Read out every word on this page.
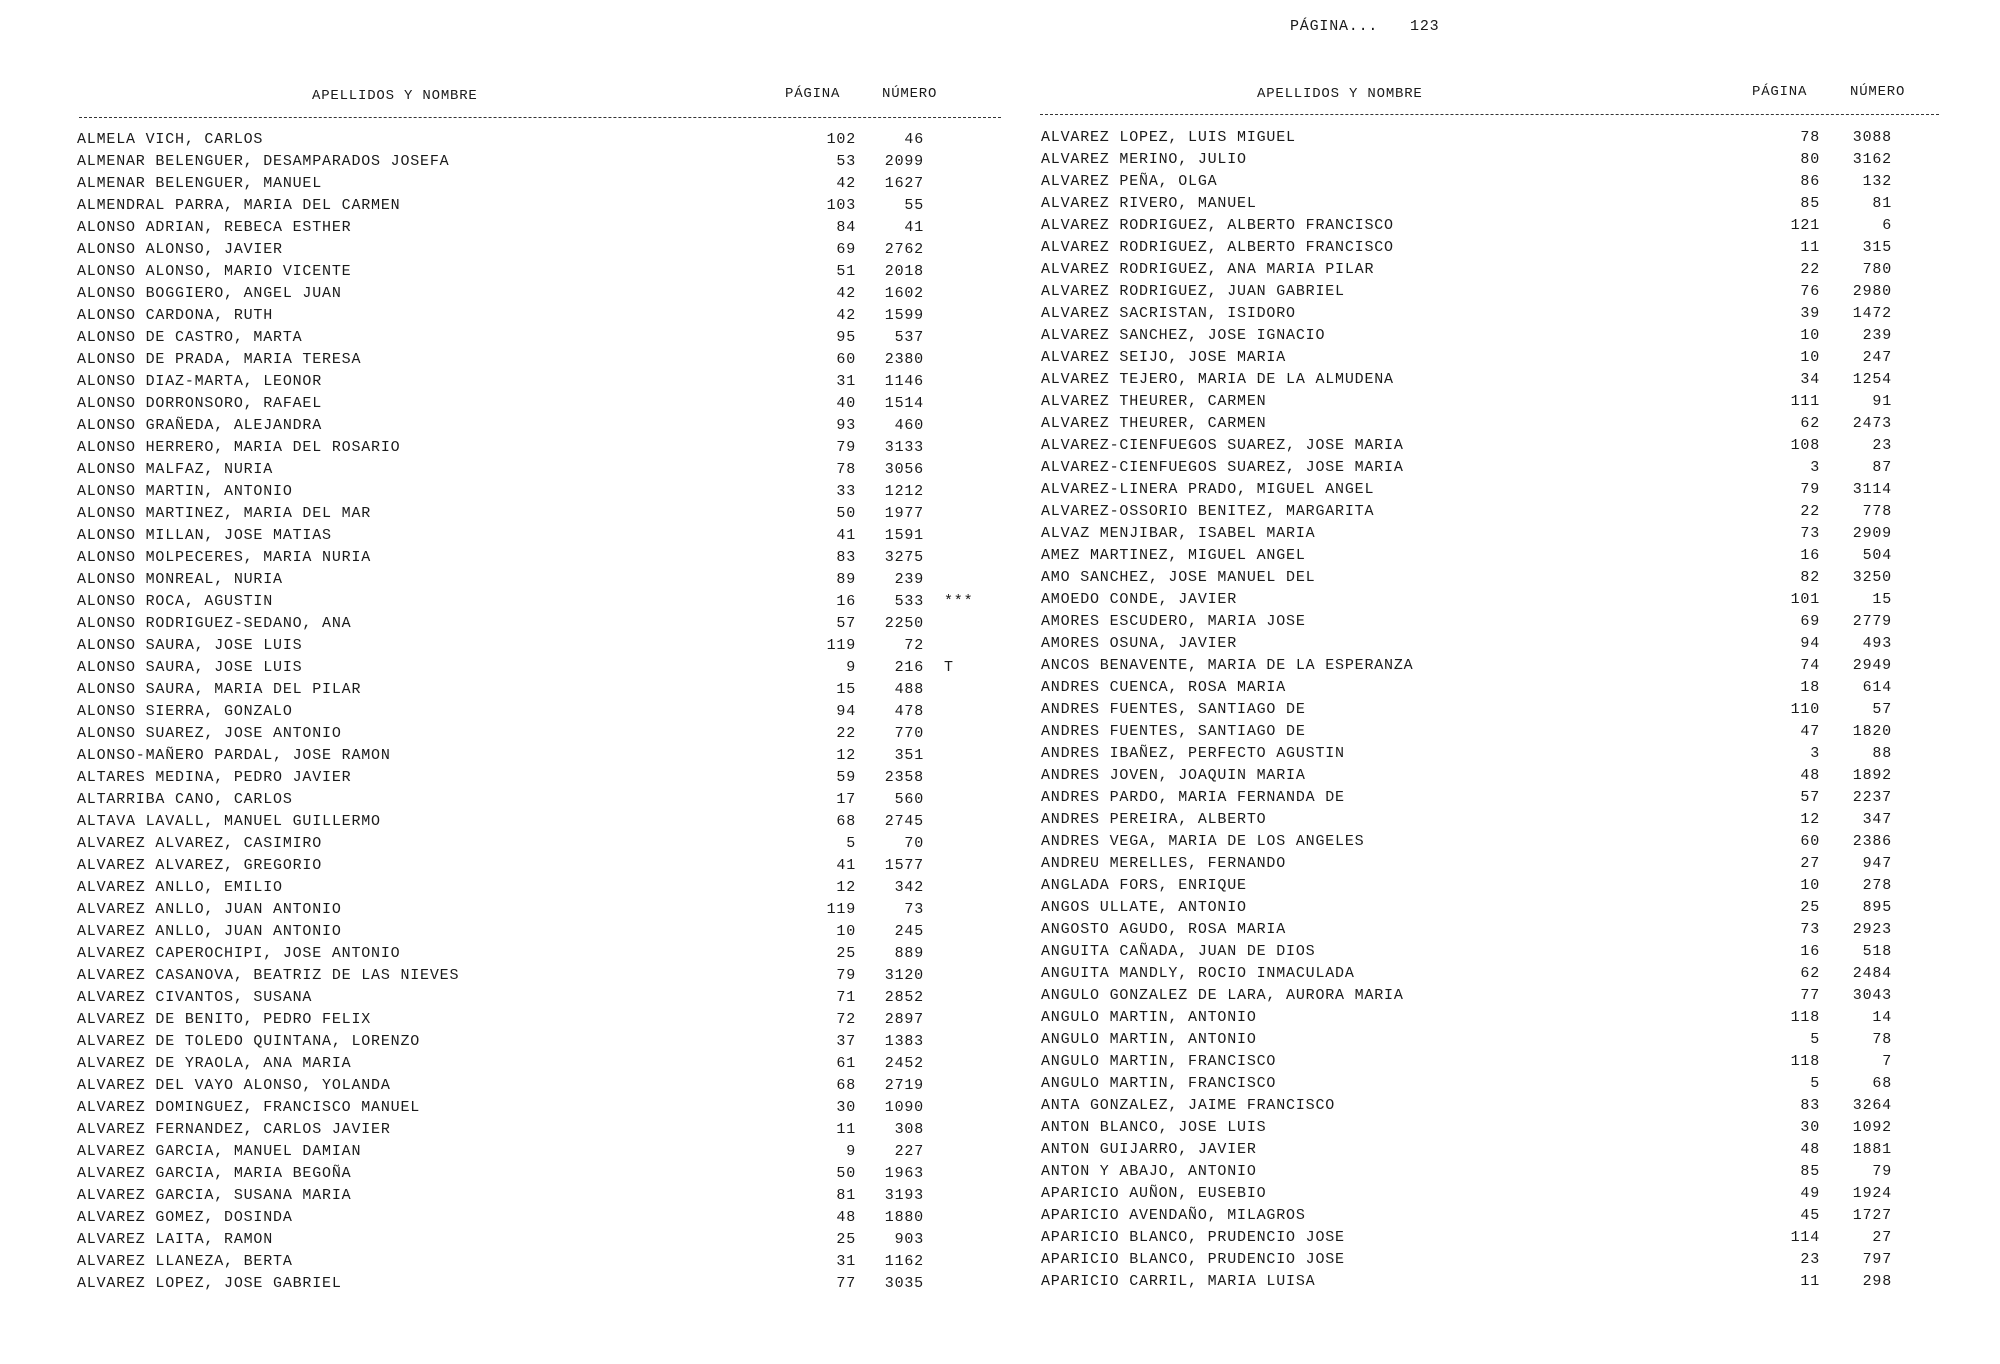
PÁGINA... 123
APELLIDOS Y NOMBRE	PÁGINA	NÚMERO	APELLIDOS Y NOMBRE	PÁGINA	NÚMERO
ALMELA VICH, CARLOS	102	46
ALMENAR BELENGUER, DESAMPARADOS JOSEFA	53 2099
ALMENAR BELENGUER, MANUEL	42 1627
ALMENDRAL PARRA, MARIA DEL CARMEN	103	55
ALONSO ADRIAN, REBECA ESTHER	84	41
ALONSO ALONSO, JAVIER	69 2762
ALONSO ALONSO, MARIO VICENTE	51 2018
ALONSO BOGGIERO, ANGEL JUAN	42 1602
ALONSO CARDONA, RUTH	42 1599
ALONSO DE CASTRO, MARTA	95	537
ALONSO DE PRADA, MARIA TERESA	60 2380
ALONSO DIAZ-MARTA, LEONOR	31 1146
ALONSO DORRONSORO, RAFAEL	40 1514
ALONSO GRAÑEDA, ALEJANDRA	93	460
ALONSO HERRERO, MARIA DEL ROSARIO	79 3133
ALONSO MALFAZ, NURIA	78 3056
ALONSO MARTIN, ANTONIO	33 1212
ALONSO MARTINEZ, MARIA DEL MAR	50 1977
ALONSO MILLAN, JOSE MATIAS	41 1591
ALONSO MOLPECERES, MARIA NURIA	83 3275
ALONSO MONREAL, NURIA	89	239
ALONSO ROCA, AGUSTIN	16	533 ***
ALONSO RODRIGUEZ-SEDANO, ANA	57 2250
ALONSO SAURA, JOSE LUIS	119	72
ALONSO SAURA, JOSE LUIS	9	216 T
ALONSO SAURA, MARIA DEL PILAR	15	488
ALONSO SIERRA, GONZALO	94	478
ALONSO SUAREZ, JOSE ANTONIO	22	770
ALONSO-MAÑERO PARDAL, JOSE RAMON	12	351
ALTARES MEDINA, PEDRO JAVIER	59 2358
ALTARRIBA CANO, CARLOS	17	560
ALTAVA LAVALL, MANUEL GUILLERMO	68 2745
ALVAREZ ALVAREZ, CASIMIRO	5	70
ALVAREZ ALVAREZ, GREGORIO	41 1577
ALVAREZ ANLLO, EMILIO	12	342
ALVAREZ ANLLO, JUAN ANTONIO	119	73
ALVAREZ ANLLO, JUAN ANTONIO	10	245
ALVAREZ CAPEROCHIPI, JOSE ANTONIO	25	889
ALVAREZ CASANOVA, BEATRIZ DE LAS NIEVES	79 3120
ALVAREZ CIVANTOS, SUSANA	71 2852
ALVAREZ DE BENITO, PEDRO FELIX	72 2897
ALVAREZ DE TOLEDO QUINTANA, LORENZO	37 1383
ALVAREZ DE YRAOLA, ANA MARIA	61 2452
ALVAREZ DEL VAYO ALONSO, YOLANDA	68 2719
ALVAREZ DOMINGUEZ, FRANCISCO MANUEL	30 1090
ALVAREZ FERNANDEZ, CARLOS JAVIER	11	308
ALVAREZ GARCIA, MANUEL DAMIAN	9	227
ALVAREZ GARCIA, MARIA BEGOÑA	50 1963
ALVAREZ GARCIA, SUSANA MARIA	81 3193
ALVAREZ GOMEZ, DOSINDA	48 1880
ALVAREZ LAITA, RAMON	25	903
ALVAREZ LLANEZA, BERTA	31 1162
ALVAREZ LOPEZ, JOSE GABRIEL	77 3035
ALVAREZ LOPEZ, LUIS MIGUEL	78 3088
ALVAREZ MERINO, JULIO	80 3162
ALVAREZ PEÑA, OLGA	86	132
ALVAREZ RIVERO, MANUEL	85	81
ALVAREZ RODRIGUEZ, ALBERTO FRANCISCO	121	6
ALVAREZ RODRIGUEZ, ALBERTO FRANCISCO	11	315
ALVAREZ RODRIGUEZ, ANA MARIA PILAR	22	780
ALVAREZ RODRIGUEZ, JUAN GABRIEL	76 2980
ALVAREZ SACRISTAN, ISIDORO	39 1472
ALVAREZ SANCHEZ, JOSE IGNACIO	10	239
ALVAREZ SEIJO, JOSE MARIA	10	247
ALVAREZ TEJERO, MARIA DE LA ALMUDENA	34 1254
ALVAREZ THEURER, CARMEN	111	91
ALVAREZ THEURER, CARMEN	62 2473
ALVAREZ-CIENFUEGOS SUAREZ, JOSE MARIA	108	23
ALVAREZ-CIENFUEGOS SUAREZ, JOSE MARIA	3	87
ALVAREZ-LINERA PRADO, MIGUEL ANGEL	79 3114
ALVAREZ-OSSORIO BENITEZ, MARGARITA	22	778
ALVAZ MENJIBAR, ISABEL MARIA	73 2909
AMEZ MARTINEZ, MIGUEL ANGEL	16	504
AMO SANCHEZ, JOSE MANUEL DEL	82 3250
AMOEDO CONDE, JAVIER	101	15
AMORES ESCUDERO, MARIA JOSE	69 2779
AMORES OSUNA, JAVIER	94	493
ANCOS BENAVENTE, MARIA DE LA ESPERANZA	74 2949
ANDRES CUENCA, ROSA MARIA	18	614
ANDRES FUENTES, SANTIAGO DE	110	57
ANDRES FUENTES, SANTIAGO DE	47 1820
ANDRES IBAÑEZ, PERFECTO AGUSTIN	3	88
ANDRES JOVEN, JOAQUIN MARIA	48 1892
ANDRES PARDO, MARIA FERNANDA DE	57 2237
ANDRES PEREIRA, ALBERTO	12	347
ANDRES VEGA, MARIA DE LOS ANGELES	60 2386
ANDREU MERELLES, FERNANDO	27	947
ANGLADA FORS, ENRIQUE	10	278
ANGOS ULLATE, ANTONIO	25	895
ANGOSTO AGUDO, ROSA MARIA	73 2923
ANGUITA CAÑADA, JUAN DE DIOS	16	518
ANGUITA MANDLY, ROCIO INMACULADA	62 2484
ANGULO GONZALEZ DE LARA, AURORA MARIA	77 3043
ANGULO MARTIN, ANTONIO	118	14
ANGULO MARTIN, ANTONIO	5	78
ANGULO MARTIN, FRANCISCO	118	7
ANGULO MARTIN, FRANCISCO	5	68
ANTA GONZALEZ, JAIME FRANCISCO	83 3264
ANTON BLANCO, JOSE LUIS	30 1092
ANTON GUIJARRO, JAVIER	48 1881
ANTON Y ABAJO, ANTONIO	85	79
APARICIO AUÑON, EUSEBIO	49 1924
APARICIO AVENDAÑO, MILAGROS	45 1727
APARICIO BLANCO, PRUDENCIO JOSE	114	27
APARICIO BLANCO, PRUDENCIO JOSE	23	797
APARICIO CARRIL, MARIA LUISA	11	298
